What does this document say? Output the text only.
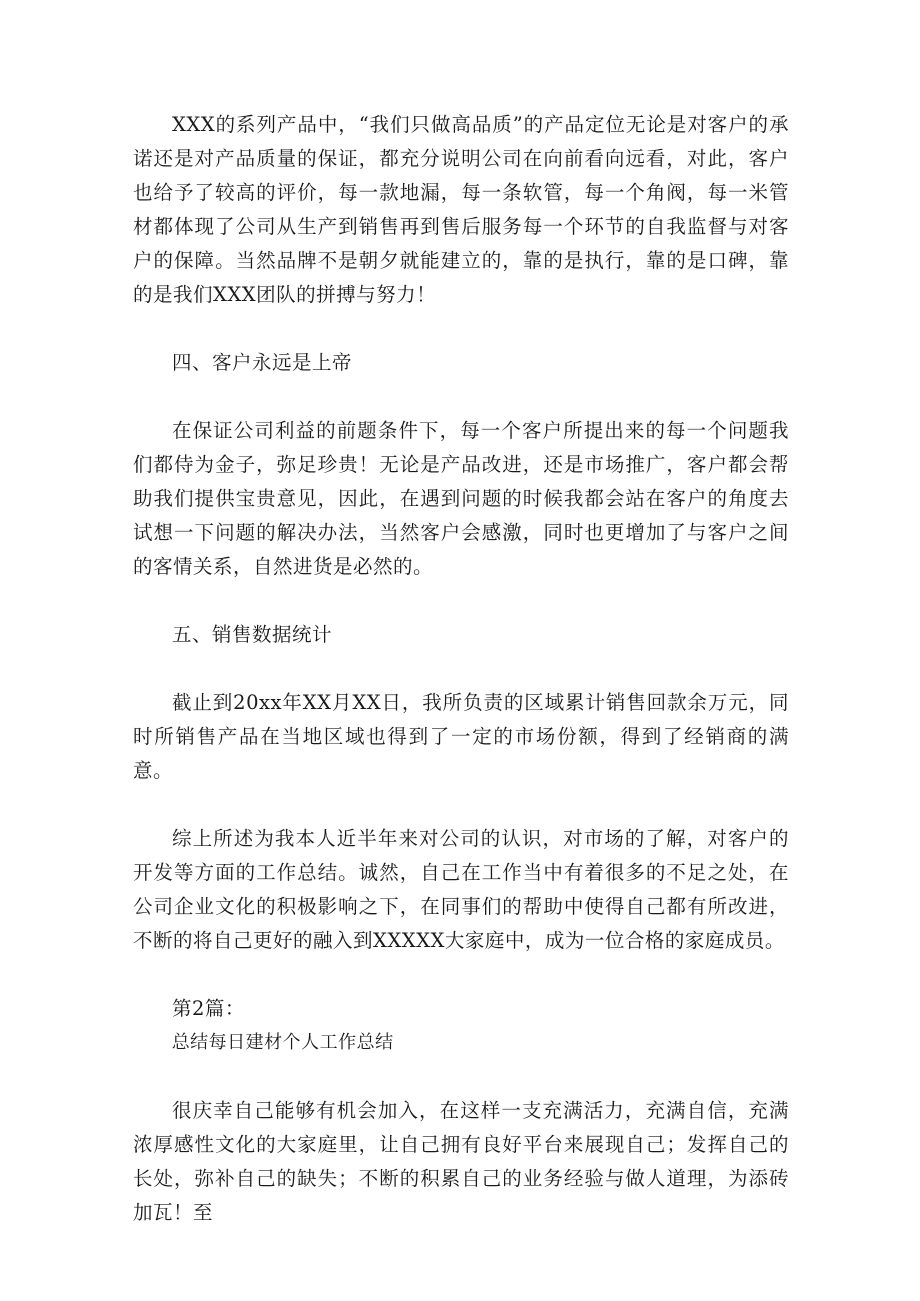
XXX的系列产品中，“我们只做高品质”的产品定位无论是对客户的承诺还是对产品质量的保证，都充分说明公司在向前看向远看，对此，客户也给予了较高的评价，每一款地漏，每一条软管，每一个角阀，每一米管材都体现了公司从生产到销售再到售后服务每一个环节的自我监督与对客户的保障。当然品牌不是朝夕就能建立的，靠的是执行，靠的是口碑，靠的是我们XXX团队的拼搏与努力！

四、客户永远是上帝

在保证公司利益的前题条件下，每一个客户所提出来的每一个问题我们都侍为金子，弥足珍贵！无论是产品改进，还是市场推广，客户都会帮助我们提供宝贵意见，因此，在遇到问题的时候我都会站在客户的角度去试想一下问题的解决办法，当然客户会感激，同时也更增加了与客户之间的客情关系，自然进货是必然的。

五、销售数据统计

截止到20xx年XX月XX日，我所负责的区域累计销售回款余万元，同时所销售产品在当地区域也得到了一定的市场份额，得到了经销商的满意。

综上所述为我本人近半年来对公司的认识，对市场的了解，对客户的开发等方面的工作总结。诚然，自己在工作当中有着很多的不足之处，在公司企业文化的积极影响之下，在同事们的帮助中使得自己都有所改进，不断的将自己更好的融入到XXXXX大家庭中，成为一位合格的家庭成员。

第2篇：

总结每日建材个人工作总结

很庆幸自己能够有机会加入，在这样一支充满活力，充满自信，充满浓厚感性文化的大家庭里，让自己拥有良好平台来展现自己；发挥自己的长处，弥补自己的缺失；不断的积累自己的业务经验与做人道理，为添砖加瓦！至
